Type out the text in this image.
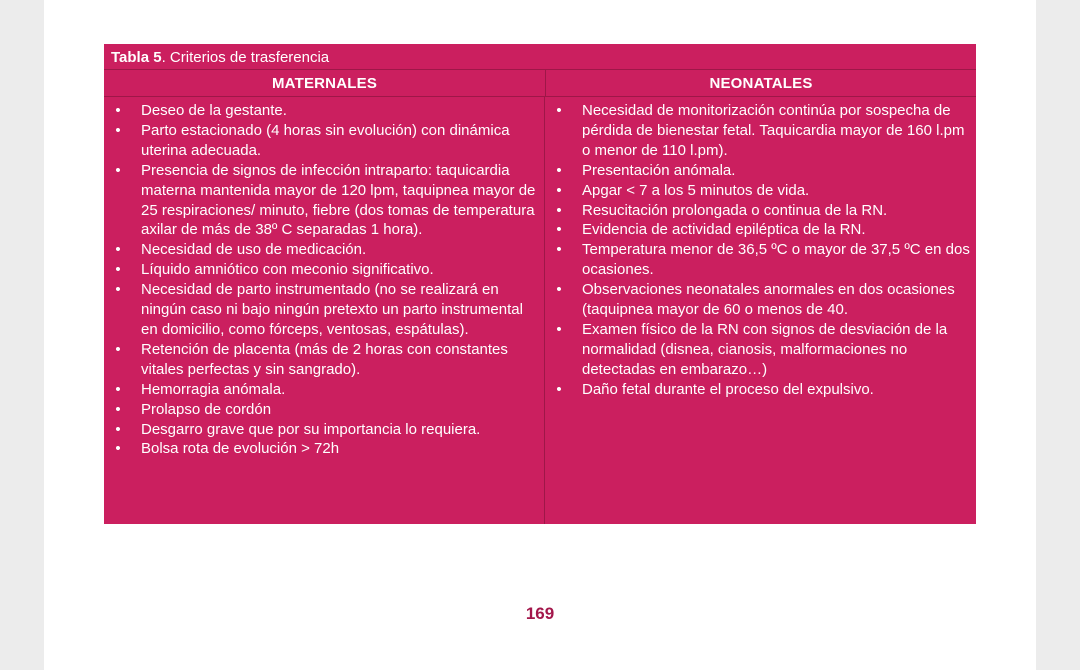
Tabla 5. Criterios de trasferencia
MATERNALES	NEONATALES
• Deseo de la gestante.
• Parto estacionado (4 horas sin evolución) con dinámica uterina adecuada.
• Presencia de signos de infección intraparto: taquicardia materna mantenida mayor de 120 lpm, taquipnea mayor de 25 respiraciones/ minuto, fiebre (dos tomas de temperatura axilar de más de 38º C separadas 1 hora).
• Necesidad de uso de medicación.
• Líquido amniótico con meconio significativo.
• Necesidad de parto instrumentado (no se realizará en ningún caso ni bajo ningún pretexto un parto instrumental en domicilio, como fórceps, ventosas, espátulas).
• Retención de placenta (más de 2 horas con constantes vitales perfectas y sin sangrado).
• Hemorragia anómala.
• Prolapso de cordón
• Desgarro grave que por su importancia lo requiera.
• Bolsa rota de evolución > 72h
• Necesidad de monitorización continúa por sospecha de pérdida de bienestar fetal. Taquicardia mayor de 160 l.pm o menor de 110 l.pm).
• Presentación anómala.
• Apgar < 7 a los 5 minutos de vida.
• Resucitación prolongada o continua de la RN.
• Evidencia de actividad epiléptica de la RN.
• Temperatura menor de 36,5 ºC o mayor de 37,5 ºC en dos ocasiones.
• Observaciones neonatales anormales en dos ocasiones (taquipnea mayor de 60 o menos de 40.
• Examen físico de la RN con signos de desviación de la normalidad (disnea, cianosis, malformaciones no detectadas en embarazo…)
• Daño fetal durante el proceso del expulsivo.
169
